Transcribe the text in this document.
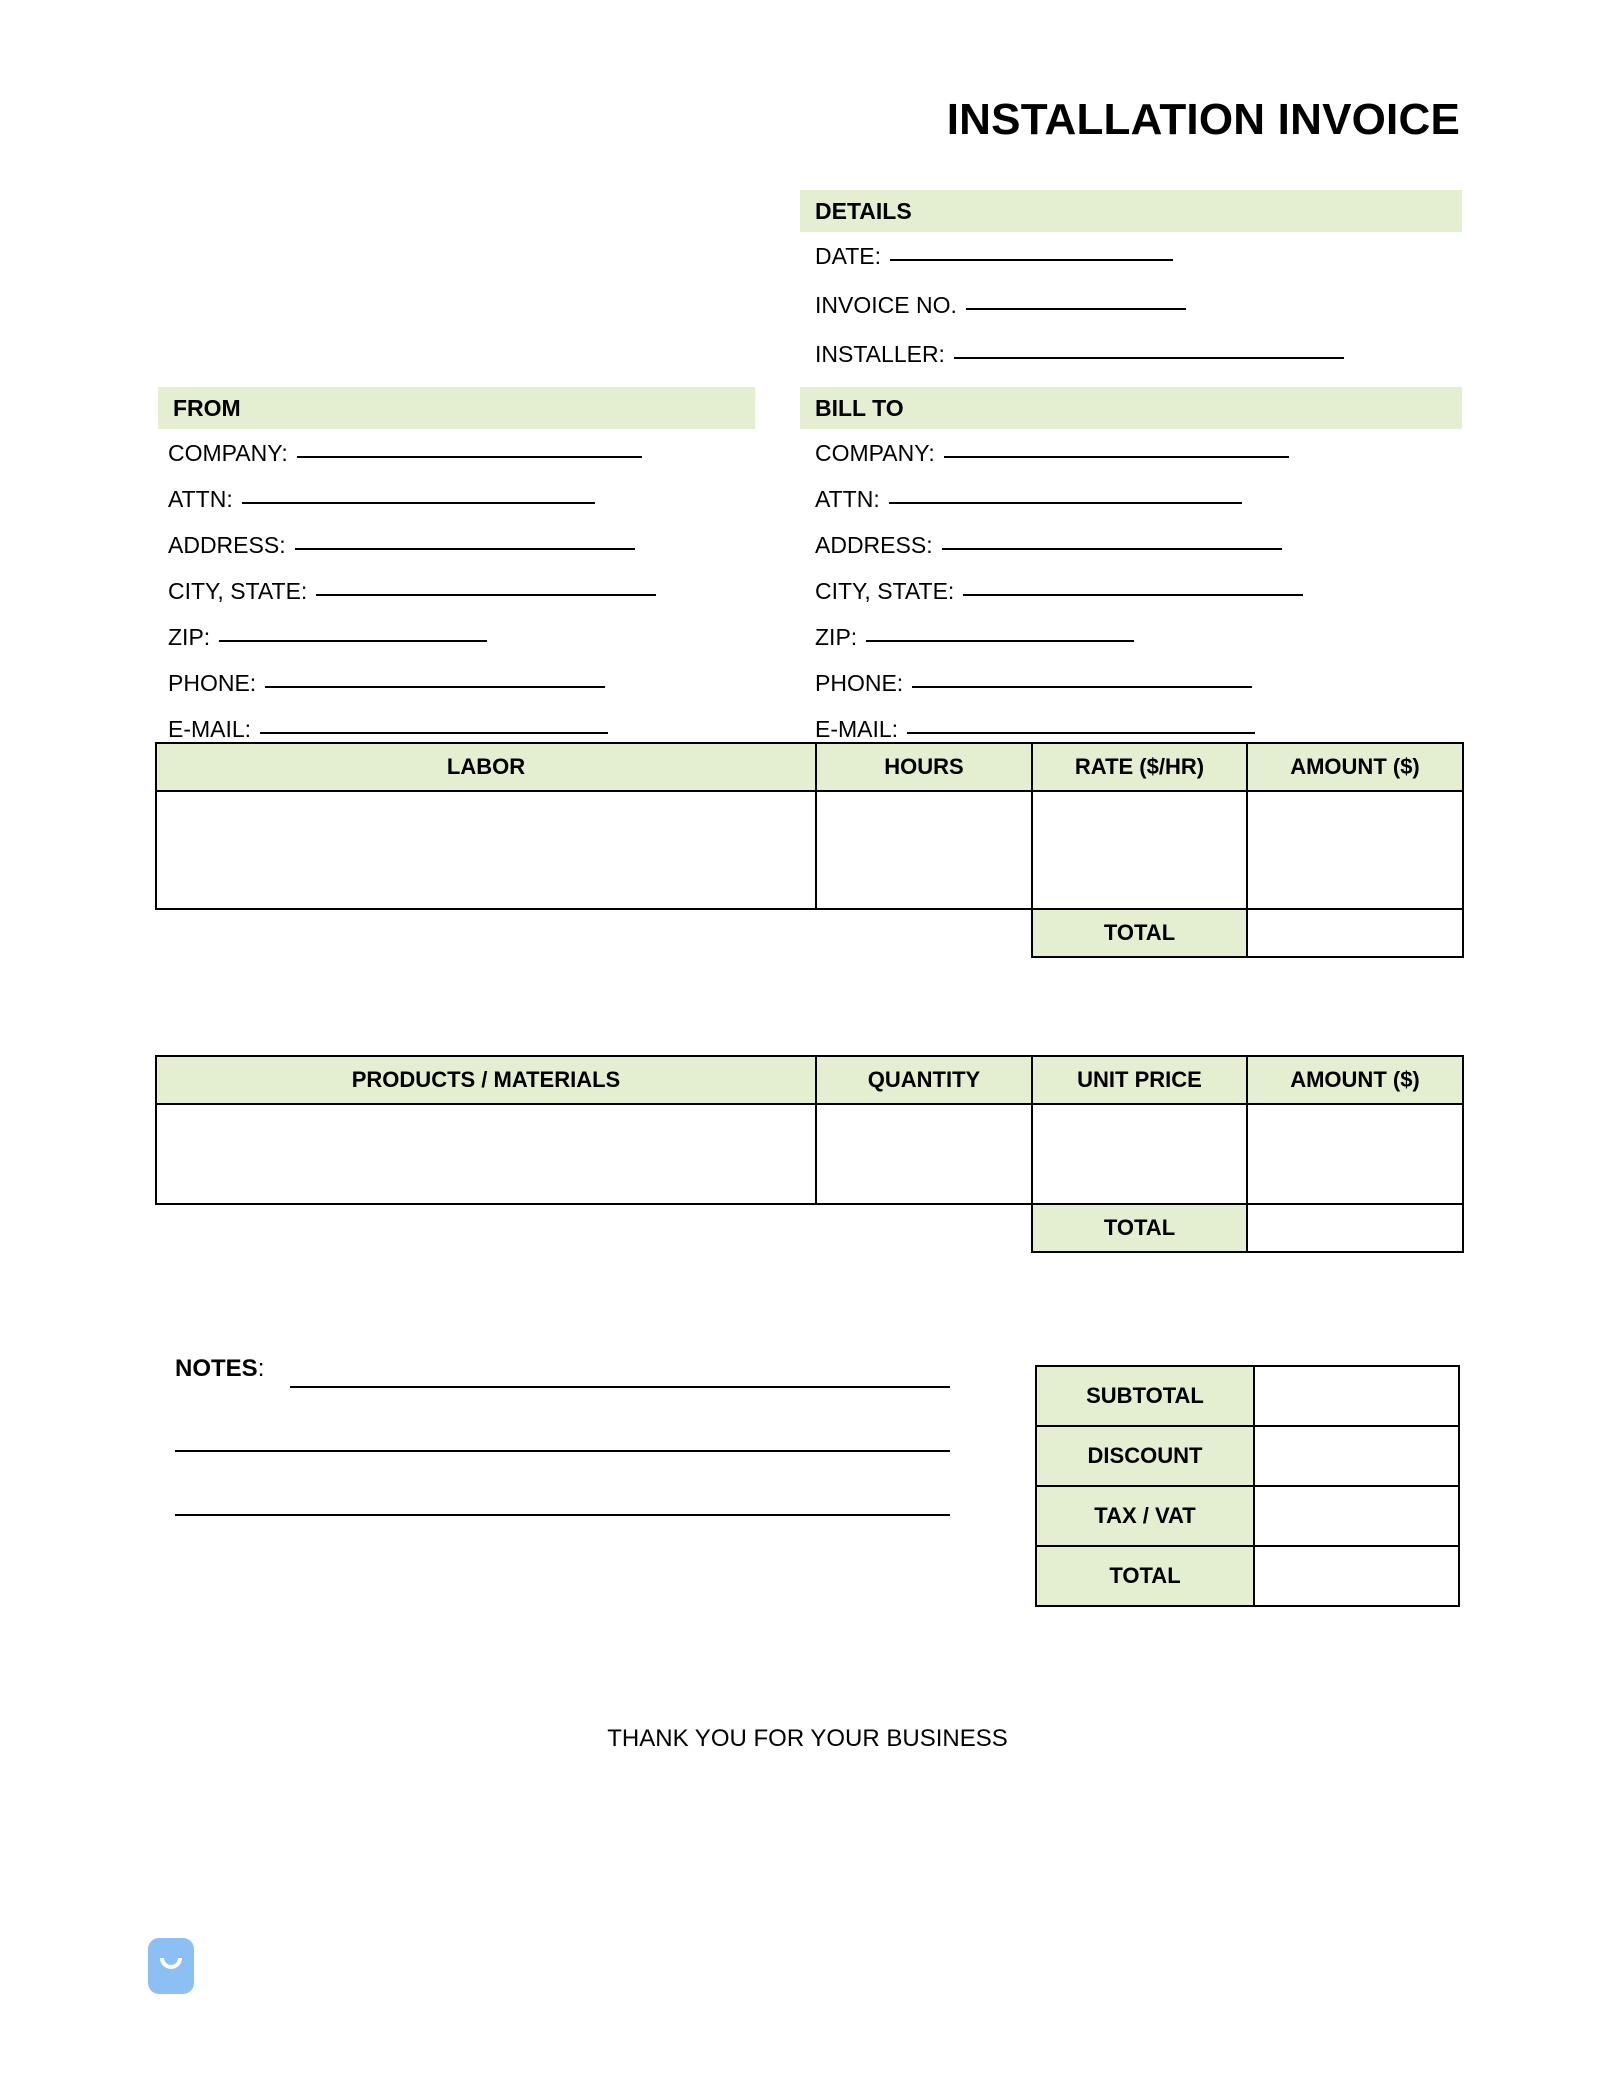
INSTALLATION INVOICE
DETAILS
DATE:
INVOICE NO.
INSTALLER:
FROM
COMPANY:
ATTN:
ADDRESS:
CITY, STATE:
ZIP:
PHONE:
E-MAIL:
BILL TO
COMPANY:
ATTN:
ADDRESS:
CITY, STATE:
ZIP:
PHONE:
E-MAIL:
LABOR	HOURS	RATE ($/HR)	AMOUNT ($)

		TOTAL	
PRODUCTS / MATERIALS	QUANTITY	UNIT PRICE	AMOUNT ($)

		TOTAL	
NOTES:
SUBTOTAL	
DISCOUNT	
TAX / VAT	
TOTAL	
THANK YOU FOR YOUR BUSINESS
